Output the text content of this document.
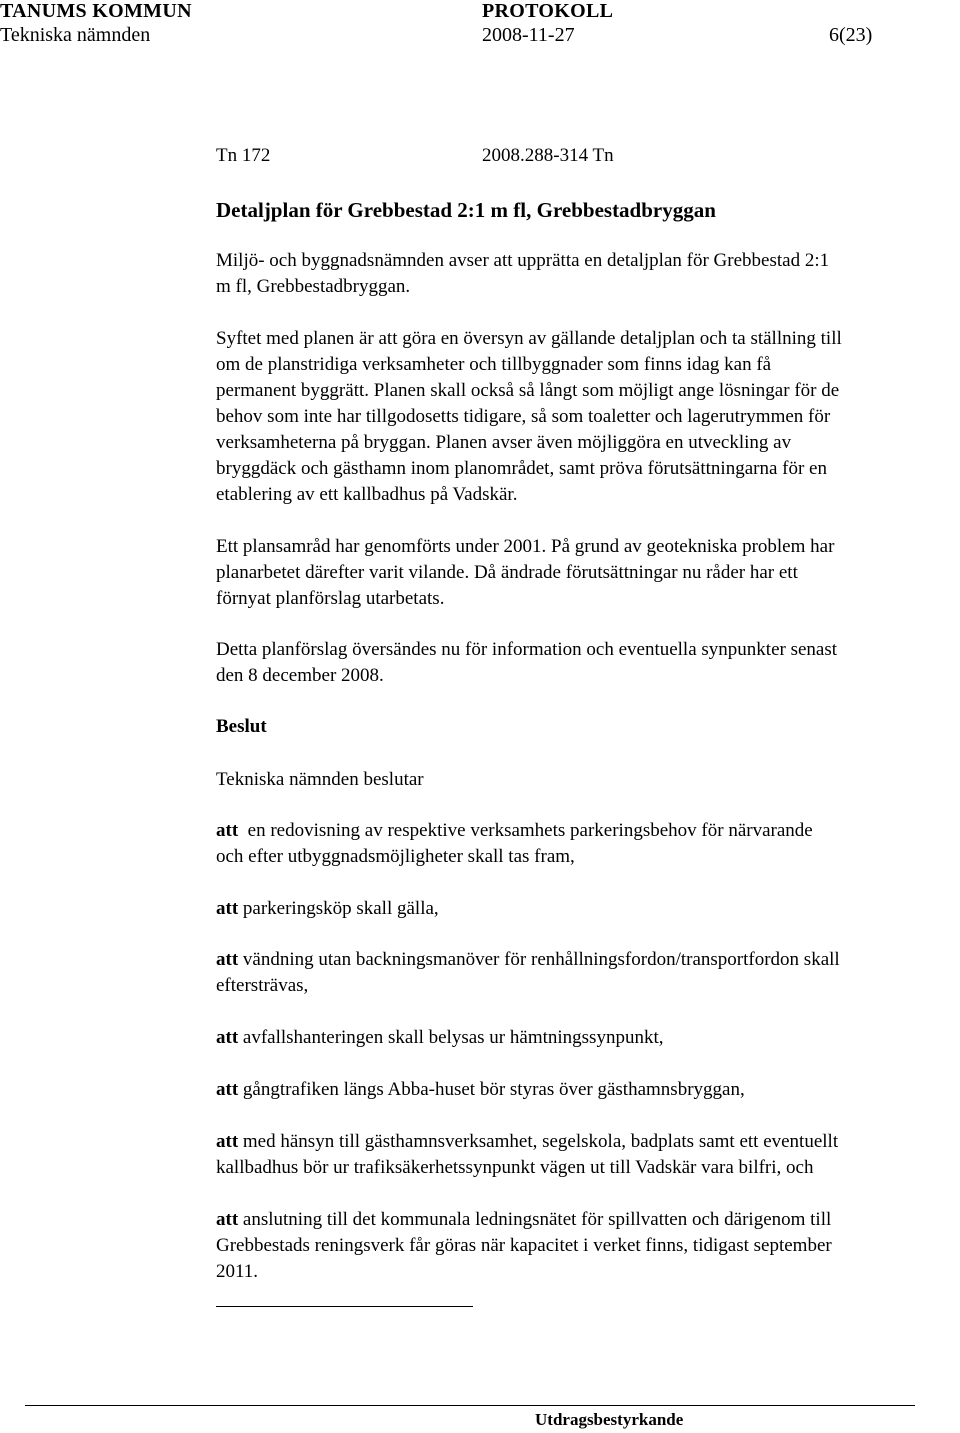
TANUMS KOMMUN	PROTOKOLL
Tekniska nämnden	2008-11-27	6(23)
Tn 172	2008.288-314 Tn
Detaljplan för Grebbestad 2:1 m fl, Grebbestadbryggan

Miljö- och byggnadsnämnden avser att upprätta en detaljplan för Grebbestad 2:1

m fl, Grebbestadbryggan.

Syftet med planen är att göra en översyn av gällande detaljplan och ta ställning till

om de planstridiga verksamheter och tillbyggnader som finns idag kan få

permanent byggrätt. Planen skall också så långt som möjligt ange lösningar för de

behov som inte har tillgodosetts tidigare, så som toaletter och lagerutrymmen för

verksamheterna på bryggan. Planen avser även möjliggöra en utveckling av

bryggdäck och gästhamn inom planområdet, samt pröva förutsättningarna för en

etablering av ett kallbadhus på Vadskär.

Ett plansamråd har genomförts under 2001. På grund av geotekniska problem har

planarbetet därefter varit vilande. Då ändrade förutsättningar nu råder har ett

förnyat planförslag utarbetats.

Detta planförslag översändes nu för information och eventuella synpunkter senast

den 8 december 2008.

Beslut

Tekniska nämnden beslutar

att  en redovisning av respektive verksamhets parkeringsbehov för närvarande

och efter utbyggnadsmöjligheter skall tas fram,

att parkeringsköp skall gälla,

att vändning utan backningsmanöver för renhållningsfordon/transportfordon skall

eftersträvas,

att avfallshanteringen skall belysas ur hämtningssynpunkt,

att gångtrafiken längs Abba-huset bör styras över gästhamnsbryggan,

att med hänsyn till gästhamnsverksamhet, segelskola, badplats samt ett eventuellt

kallbadhus bör ur trafiksäkerhetssynpunkt vägen ut till Vadskär vara bilfri, och

att anslutning till det kommunala ledningsnätet för spillvatten och därigenom till

Grebbestads reningsverk får göras när kapacitet i verket finns, tidigast september

2011.

Utdragsbestyrkande
